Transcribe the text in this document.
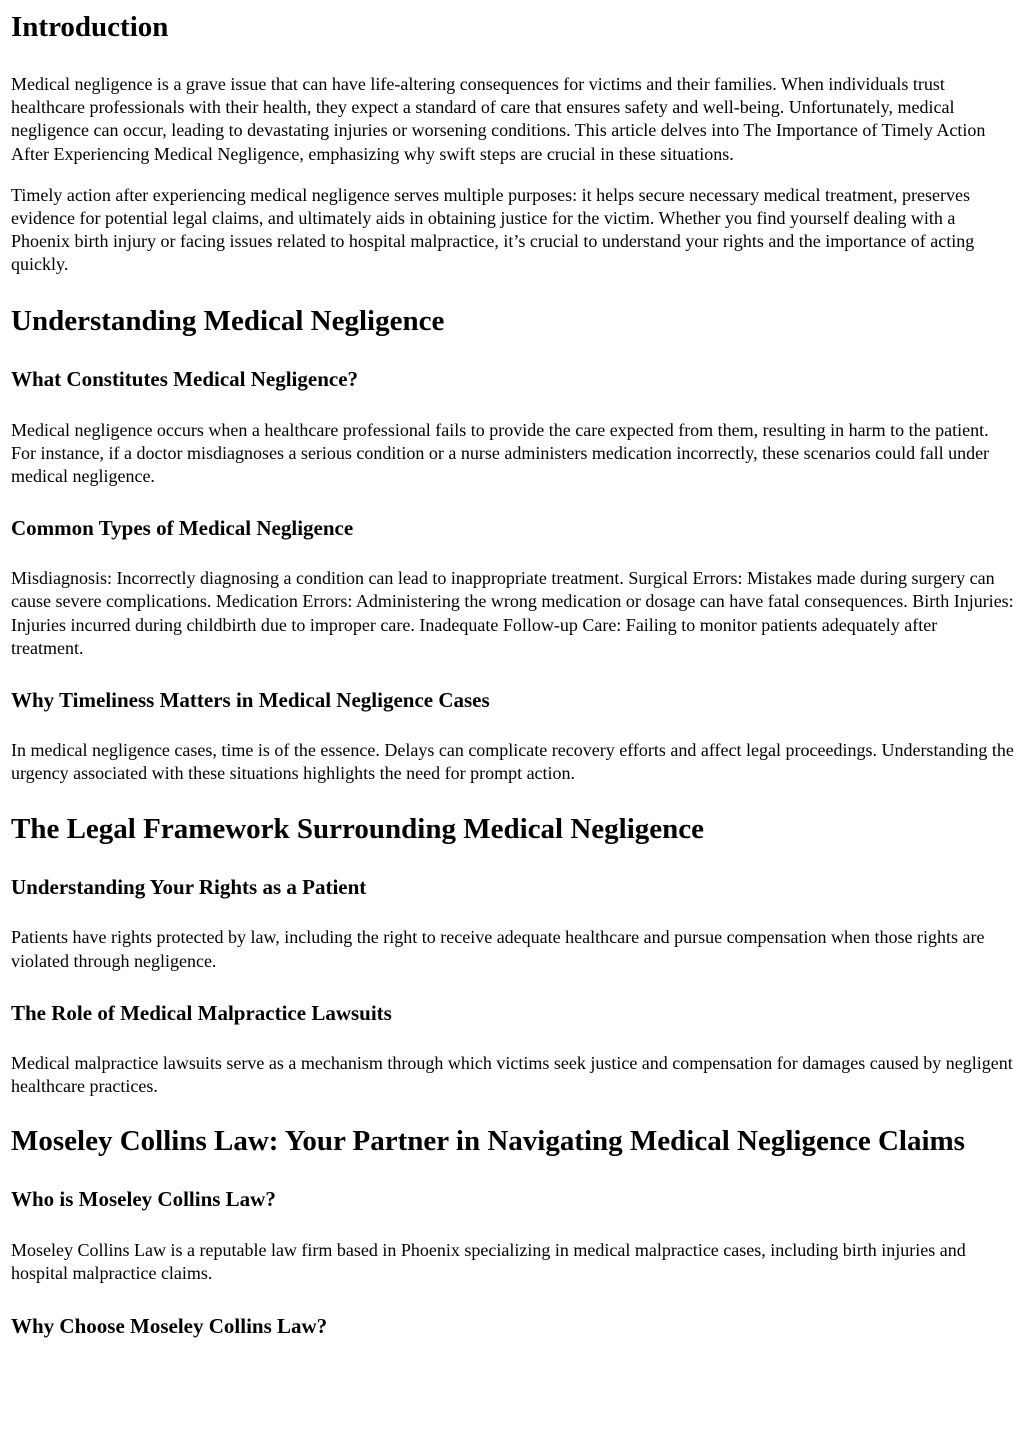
Introduction

Medical negligence is a grave issue that can have life-altering consequences for victims and their families. When individuals trust healthcare professionals with their health, they expect a standard of care that ensures safety and well-being. Unfortunately, medical negligence can occur, leading to devastating injuries or worsening conditions. This article delves into The Importance of Timely Action After Experiencing Medical Negligence, emphasizing why swift steps are crucial in these situations.

Timely action after experiencing medical negligence serves multiple purposes: it helps secure necessary medical treatment, preserves evidence for potential legal claims, and ultimately aids in obtaining justice for the victim. Whether you find yourself dealing with a Phoenix birth injury or facing issues related to hospital malpractice, it’s crucial to understand your rights and the importance of acting quickly.

Understanding Medical Negligence
What Constitutes Medical Negligence?

Medical negligence occurs when a healthcare professional fails to provide the care expected from them, resulting in harm to the patient. For instance, if a doctor misdiagnoses a serious condition or a nurse administers medication incorrectly, these scenarios could fall under medical negligence.

Common Types of Medical Negligence

Misdiagnosis: Incorrectly diagnosing a condition can lead to inappropriate treatment. Surgical Errors: Mistakes made during surgery can cause severe complications. Medication Errors: Administering the wrong medication or dosage can have fatal consequences. Birth Injuries: Injuries incurred during childbirth due to improper care. Inadequate Follow-up Care: Failing to monitor patients adequately after treatment.

Why Timeliness Matters in Medical Negligence Cases

In medical negligence cases, time is of the essence. Delays can complicate recovery efforts and affect legal proceedings. Understanding the urgency associated with these situations highlights the need for prompt action.

The Legal Framework Surrounding Medical Negligence
Understanding Your Rights as a Patient

Patients have rights protected by law, including the right to receive adequate healthcare and pursue compensation when those rights are violated through negligence.

The Role of Medical Malpractice Lawsuits

Medical malpractice lawsuits serve as a mechanism through which victims seek justice and compensation for damages caused by negligent healthcare practices.

Moseley Collins Law: Your Partner in Navigating Medical Negligence Claims
Who is Moseley Collins Law?

Moseley Collins Law is a reputable law firm based in Phoenix specializing in medical malpractice cases, including birth injuries and hospital malpractice claims.

Why Choose Moseley Collins Law?
